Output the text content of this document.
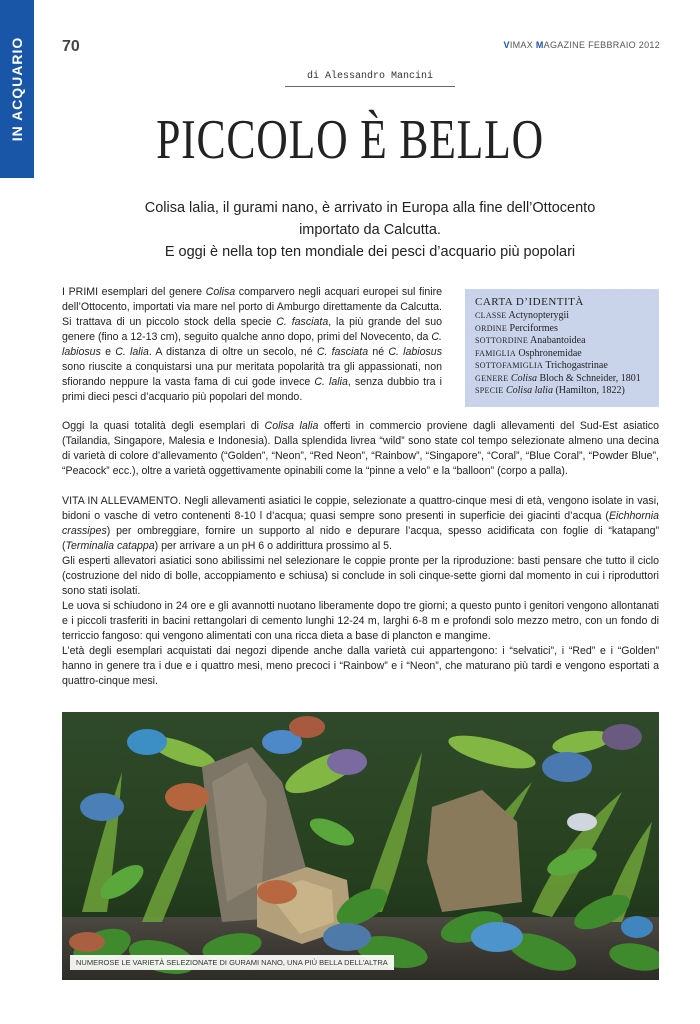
IN ACQUARIO 70	VIMAX MAGAZINE FEBBRAIO 2012
di Alessandro Mancini
PICCOLO È BELLO
Colisa lalia, il gurami nano, è arrivato in Europa alla fine dell’Ottocento
importato da Calcutta.
E oggi è nella top ten mondiale dei pesci d’acquario più popolari
I PRIMI esemplari del genere Colisa comparvero negli acquari europei sul finire dell’Ottocento, importati via mare nel porto di Amburgo direttamente da Calcutta. Si trattava di un piccolo stock della specie C. fasciata, la più grande del suo genere (fino a 12-13 cm), seguito qualche anno dopo, primi del Novecento, da C. labiosus e C. lalia. A distanza di oltre un secolo, né C. fasciata né C. labiosus sono riuscite a conquistarsi una pur meritata popolarità tra gli appassionati, non sfiorando neppure la vasta fama di cui gode invece C. lalia, senza dubbio tra i primi dieci pesci d’acquario più popolari del mondo.
CARTA D’IDENTITÀ
CLASSE Actynopterygii
ORDINE Perciformes
SOTTORDINE Anabantoidea
FAMIGLIA Osphronemidae
SOTTOFAMIGLIA Trichogastrinae
GENERE Colisa Bloch & Schneider, 1801
SPECIE Colisa lalia (Hamilton, 1822)

Oggi la quasi totalità degli esemplari di Colisa lalia offerti in commercio proviene dagli allevamenti del Sud-Est asiatico (Tailandia, Singapore, Malesia e Indonesia). Dalla splendida livrea “wild” sono state col tempo selezionate almeno una decina di varietà di colore d’allevamento (“Golden”, “Neon”, “Red Neon”, “Rainbow”, “Singapore”, “Coral”, “Blue Coral”, “Powder Blue”, “Peacock” ecc.), oltre a varietà oggettivamente opinabili come la “pinne a velo” e la “balloon” (corpo a palla).

VITA IN ALLEVAMENTO. Negli allevamenti asiatici le coppie, selezionate a quattro-cinque mesi di età, vengono isolate in vasi, bidoni o vasche di vetro contenenti 8-10 l d’acqua; quasi sempre sono presenti in superficie dei giacinti d’acqua (Eichhornia crassipes) per ombreggiare, fornire un supporto al nido e depurare l’acqua, spesso acidificata con foglie di “katapang” (Terminalia catappa) per arrivare a un pH 6 o addirittura prossimo al 5.

Gli esperti allevatori asiatici sono abilissimi nel selezionare le coppie pronte per la riproduzione: basti pensare che tutto il ciclo (costruzione del nido di bolle, accoppiamento e schiusa) si conclude in soli cinque-sette giorni dal momento in cui i riproduttori sono stati isolati.

Le uova si schiudono in 24 ore e gli avannotti nuotano liberamente dopo tre giorni; a questo punto i genitori vengono allontanati e i piccoli trasferiti in bacini rettangolari di cemento lunghi 12-24 m, larghi 6-8 m e profondi solo mezzo metro, con un fondo di terriccio fangoso: qui vengono alimentati con una ricca dieta a base di plancton e mangime.

L’età degli esemplari acquistati dai negozi dipende anche dalla varietà cui appartengono: i “selvatici”, i “Red” e i “Golden” hanno in genere tra i due e i quattro mesi, meno precoci i “Rainbow” e i “Neon”, che maturano più tardi e vengono esportati a quattro-cinque mesi.

NUMEROSE LE VARIETÀ SELEZIONATE DI GURAMI NANO, UNA PIÙ BELLA DELL’ALTRA
